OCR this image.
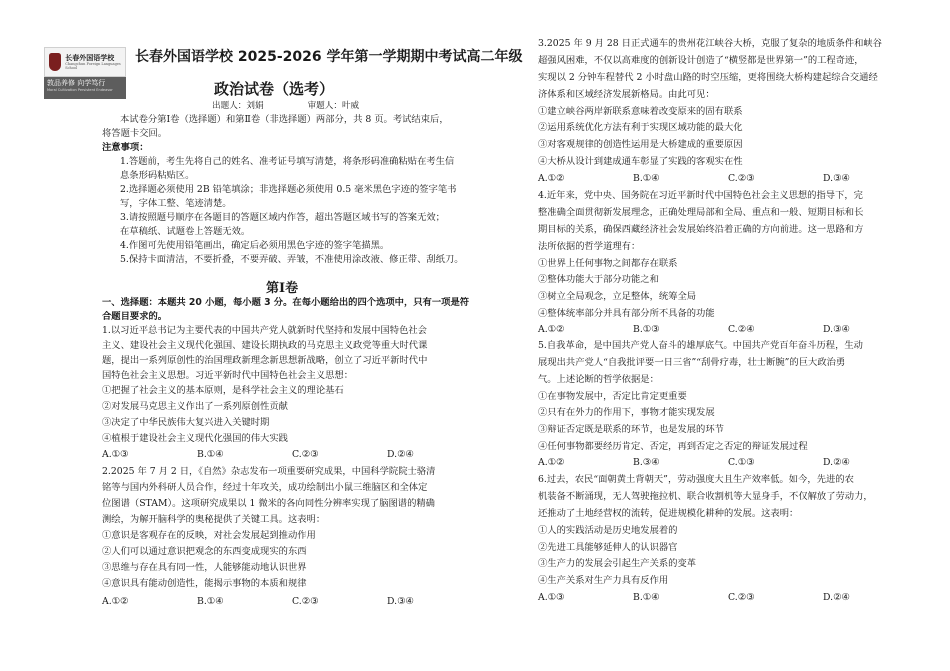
长春外国语学校
Changchun Foreign Languages School
敦品养修 向学笃行
Moral Cultivation Persistent Endeavor
长春外国语学校 2025-2026 学年第一学期期中考试高二年级
政治试卷（选考）
出题人：刘娟	审题人：叶威
本试卷分第Ⅰ卷（选择题）和第Ⅱ卷（非选择题）两部分，共 8 页。考试结束后，
将答题卡交回。
注意事项：
1.答题前，考生先将自己的姓名、准考证号填写清楚，将条形码准确粘贴在考生信
息条形码粘贴区。
2.选择题必须使用 2B 铅笔填涂；非选择题必须使用 0.5 毫米黑色字迹的签字笔书
写，字体工整、笔迹清楚。
3.请按照题号顺序在各题目的答题区域内作答，超出答题区域书写的答案无效；
在草稿纸、试题卷上答题无效。
4.作图可先使用铅笔画出，确定后必须用黑色字迹的签字笔描黑。
5.保持卡面清洁，不要折叠，不要弄破、弄皱，不准使用涂改液、修正带、刮纸刀。
一、选择题：本题共 20 小题，每小题 3 分。在每小题给出的四个选项中，只有一项是符
合题目要求的。
1.以习近平总书记为主要代表的中国共产党人就新时代坚持和发展中国特色社会
主义、建设社会主义现代化强国、建设长期执政的马克思主义政党等重大时代课
题，提出一系列原创性的治国理政新理念新思想新战略，创立了习近平新时代中
国特色社会主义思想。习近平新时代中国特色社会主义思想：
①把握了社会主义的基本原则，是科学社会主义的理论基石
②对发展马克思主义作出了一系列原创性贡献
③决定了中华民族伟大复兴进入关键时期
④植根于建设社会主义现代化强国的伟大实践
A.①③	B.①④	C.②③	D.②④
2.2025 年 7 月 2 日，《自然》杂志发布一项重要研究成果，中国科学院院士骆清
铭等与国内外科研人员合作，经过十年攻关，成功绘制出小鼠三维脑区和全体定
位图谱（STAM）。这项研究成果以 1 微米的各向同性分辨率实现了脑图谱的精确
测绘，为解开脑科学的奥秘提供了关键工具。这表明：
①意识是客观存在的反映，对社会发展起到推动作用
②人们可以通过意识把观念的东西变成现实的东西
③思维与存在具有同一性，人能够能动地认识世界
④意识具有能动创造性，能揭示事物的本质和规律
A.①②	B.①④	C.②③	D.③④
第Ⅰ卷
3.2025 年 9 月 28 日正式通车的贵州花江峡谷大桥，克服了复杂的地质条件和峡谷
超强风困难，不仅以高难度的创新设计创造了“横竖都是世界第一”的工程奇迹，
实现以 2 分钟车程替代 2 小时盘山路的时空压缩，更将围绕大桥构建起综合交通经
济体系和区域经济发展新格局。由此可见：
①建立峡谷两岸新联系意味着改变原来的固有联系
②运用系统优化方法有利于实现区域功能的最大化
③对客观规律的创造性运用是大桥建成的重要原因
④大桥从设计到建成通车彰显了实践的客观实在性
A.①②	B.①④	C.②③	D.③④
4.近年来，党中央、国务院在习近平新时代中国特色社会主义思想的指导下，完
整准确全面贯彻新发展理念，正确处理局部和全局、重点和一般、短期目标和长
期目标的关系，确保西藏经济社会发展始终沿着正确的方向前进。这一思路和方
法所依据的哲学道理有：
①世界上任何事物之间都存在联系
②整体功能大于部分功能之和
③树立全局观念，立足整体，统筹全局
④整体统率部分并具有部分所不具备的功能
A.①②	B.①③	C.②④	D.③④
5.自我革命，是中国共产党人奋斗的雄厚底气。中国共产党百年奋斗历程，生动
展现出共产党人“自我批评要一日三省”“刮骨疗毒，壮士断腕”的巨大政治勇
气。上述论断的哲学依据是：
①在事物发展中，否定比肯定更重要
②只有在外力的作用下，事物才能实现发展
③辩证否定既是联系的环节，也是发展的环节
④任何事物都要经历肯定、否定，再到否定之否定的辩证发展过程
A.①②	B.③④	C.①③	D.②④
6.过去，农民“面朝黄土背朝天”，劳动强度大且生产效率低。如今，先进的农
机装备不断涌现，无人驾驶拖拉机、联合收割机等大显身手，不仅解放了劳动力，
还推动了土地经营权的流转，促进规模化耕种的发展。这表明：
①人的实践活动是历史地发展着的
②先进工具能够延伸人的认识器官
③生产力的发展会引起生产关系的变革
④生产关系对生产力具有反作用
A.①③	B.①④	C.②③	D.②④
